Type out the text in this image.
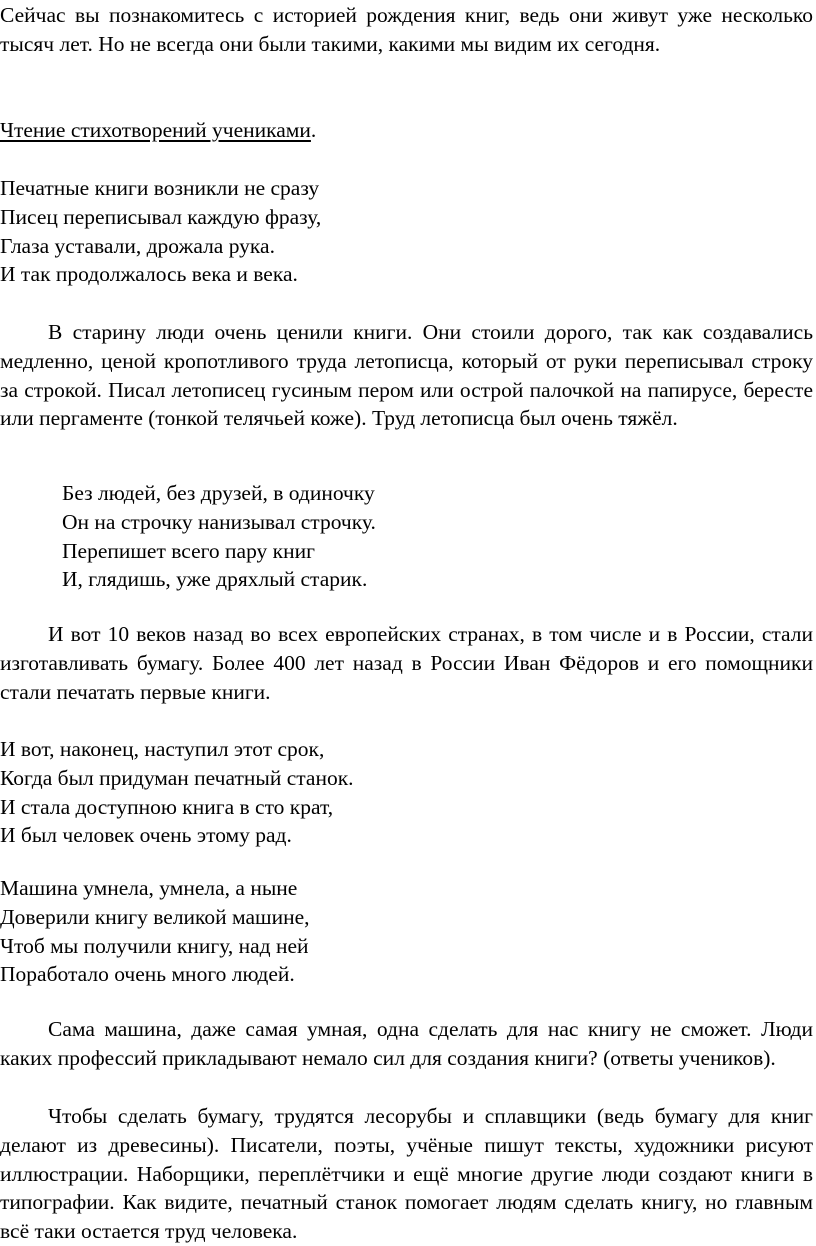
Сейчас вы познакомитесь с историей рождения книг, ведь они живут уже несколько тысяч лет. Но не всегда они были такими, какими мы видим их сегодня.

Чтение стихотворений учениками.

Печатные книги возникли не сразу
Писец переписывал каждую фразу,
Глаза уставали, дрожала рука.
И так продолжалось века и века.

В старину люди очень ценили книги. Они стоили дорого, так как создавались медленно, ценой кропотливого труда летописца, который от руки переписывал строку за строкой. Писал летописец гусиным пером или острой палочкой на папирусе, бересте или пергаменте (тонкой телячьей коже). Труд летописца был очень тяжёл.

Без людей, без друзей, в одиночку
Он на строчку нанизывал строчку.
Перепишет всего пару книг
И, глядишь, уже дряхлый старик.

И вот 10 веков назад во всех европейских странах, в том числе и в России, стали изготавливать бумагу. Более 400 лет назад в России Иван Фёдоров и его помощники стали печатать первые книги.

И вот, наконец, наступил этот срок,
Когда был придуман печатный станок.
И стала доступною книга в сто крат,
И был человек очень этому рад.
Машина умнела, умнела, а ныне
Доверили книгу великой машине,
Чтоб мы получили книгу, над ней
Поработало очень много людей.

Сама машина, даже самая умная, одна сделать для нас книгу не сможет. Люди каких профессий прикладывают немало сил для создания книги? (ответы учеников).

Чтобы сделать бумагу, трудятся лесорубы и сплавщики (ведь бумагу для книг делают из древесины). Писатели, поэты, учёные пишут тексты, художники рисуют иллюстрации. Наборщики, переплётчики и ещё многие другие люди создают книги в типографии. Как видите, печатный станок помогает людям сделать книгу, но главным всё таки остается труд человека.
